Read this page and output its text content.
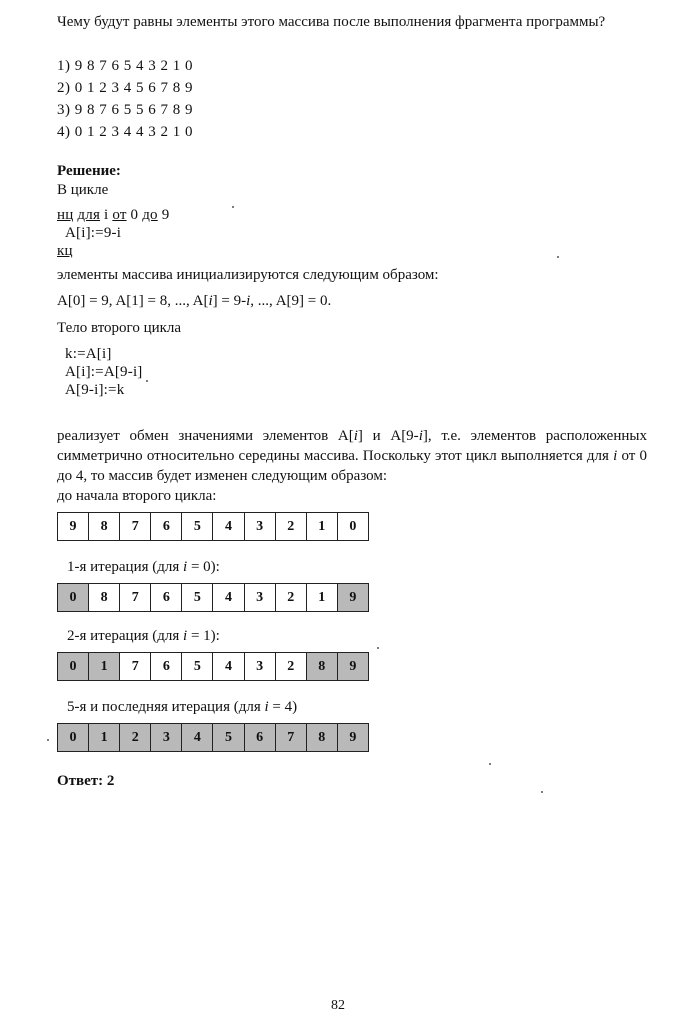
Чему будут равны элементы этого массива после выполнения фрагмента программы?
1) 9 8 7 6 5 4 3 2 1 0
2) 0 1 2 3 4 5 6 7 8 9
3) 9 8 7 6 5 5 6 7 8 9
4) 0 1 2 3 4 4 3 2 1 0
Решение:
В цикле
нц для i от 0 до 9
A[i]:=9-i
кц
элементы массива инициализируются следующим образом:
A[0] = 9, A[1] = 8, ..., A[i] = 9-i, ..., A[9] = 0.
Тело второго цикла
k:=A[i]
A[i]:=A[9-i]
A[9-i]:=k
реализует обмен значениями элементов A[i] и A[9-i], т.е. элементов расположенных симметрично относительно середины массива. Поскольку этот цикл выполняется для i от 0 до 4, то массив будет изменен следующим образом:
до начала второго цикла:
9	8	7	6	5	4	3	2	1	0
1-я итерация (для i = 0):
0	8	7	6	5	4	3	2	1	9
2-я итерация (для i = 1):
0	1	7	6	5	4	3	2	8	9
5-я и последняя итерация (для i = 4)
0	1	2	3	4	5	6	7	8	9
Ответ: 2
82
